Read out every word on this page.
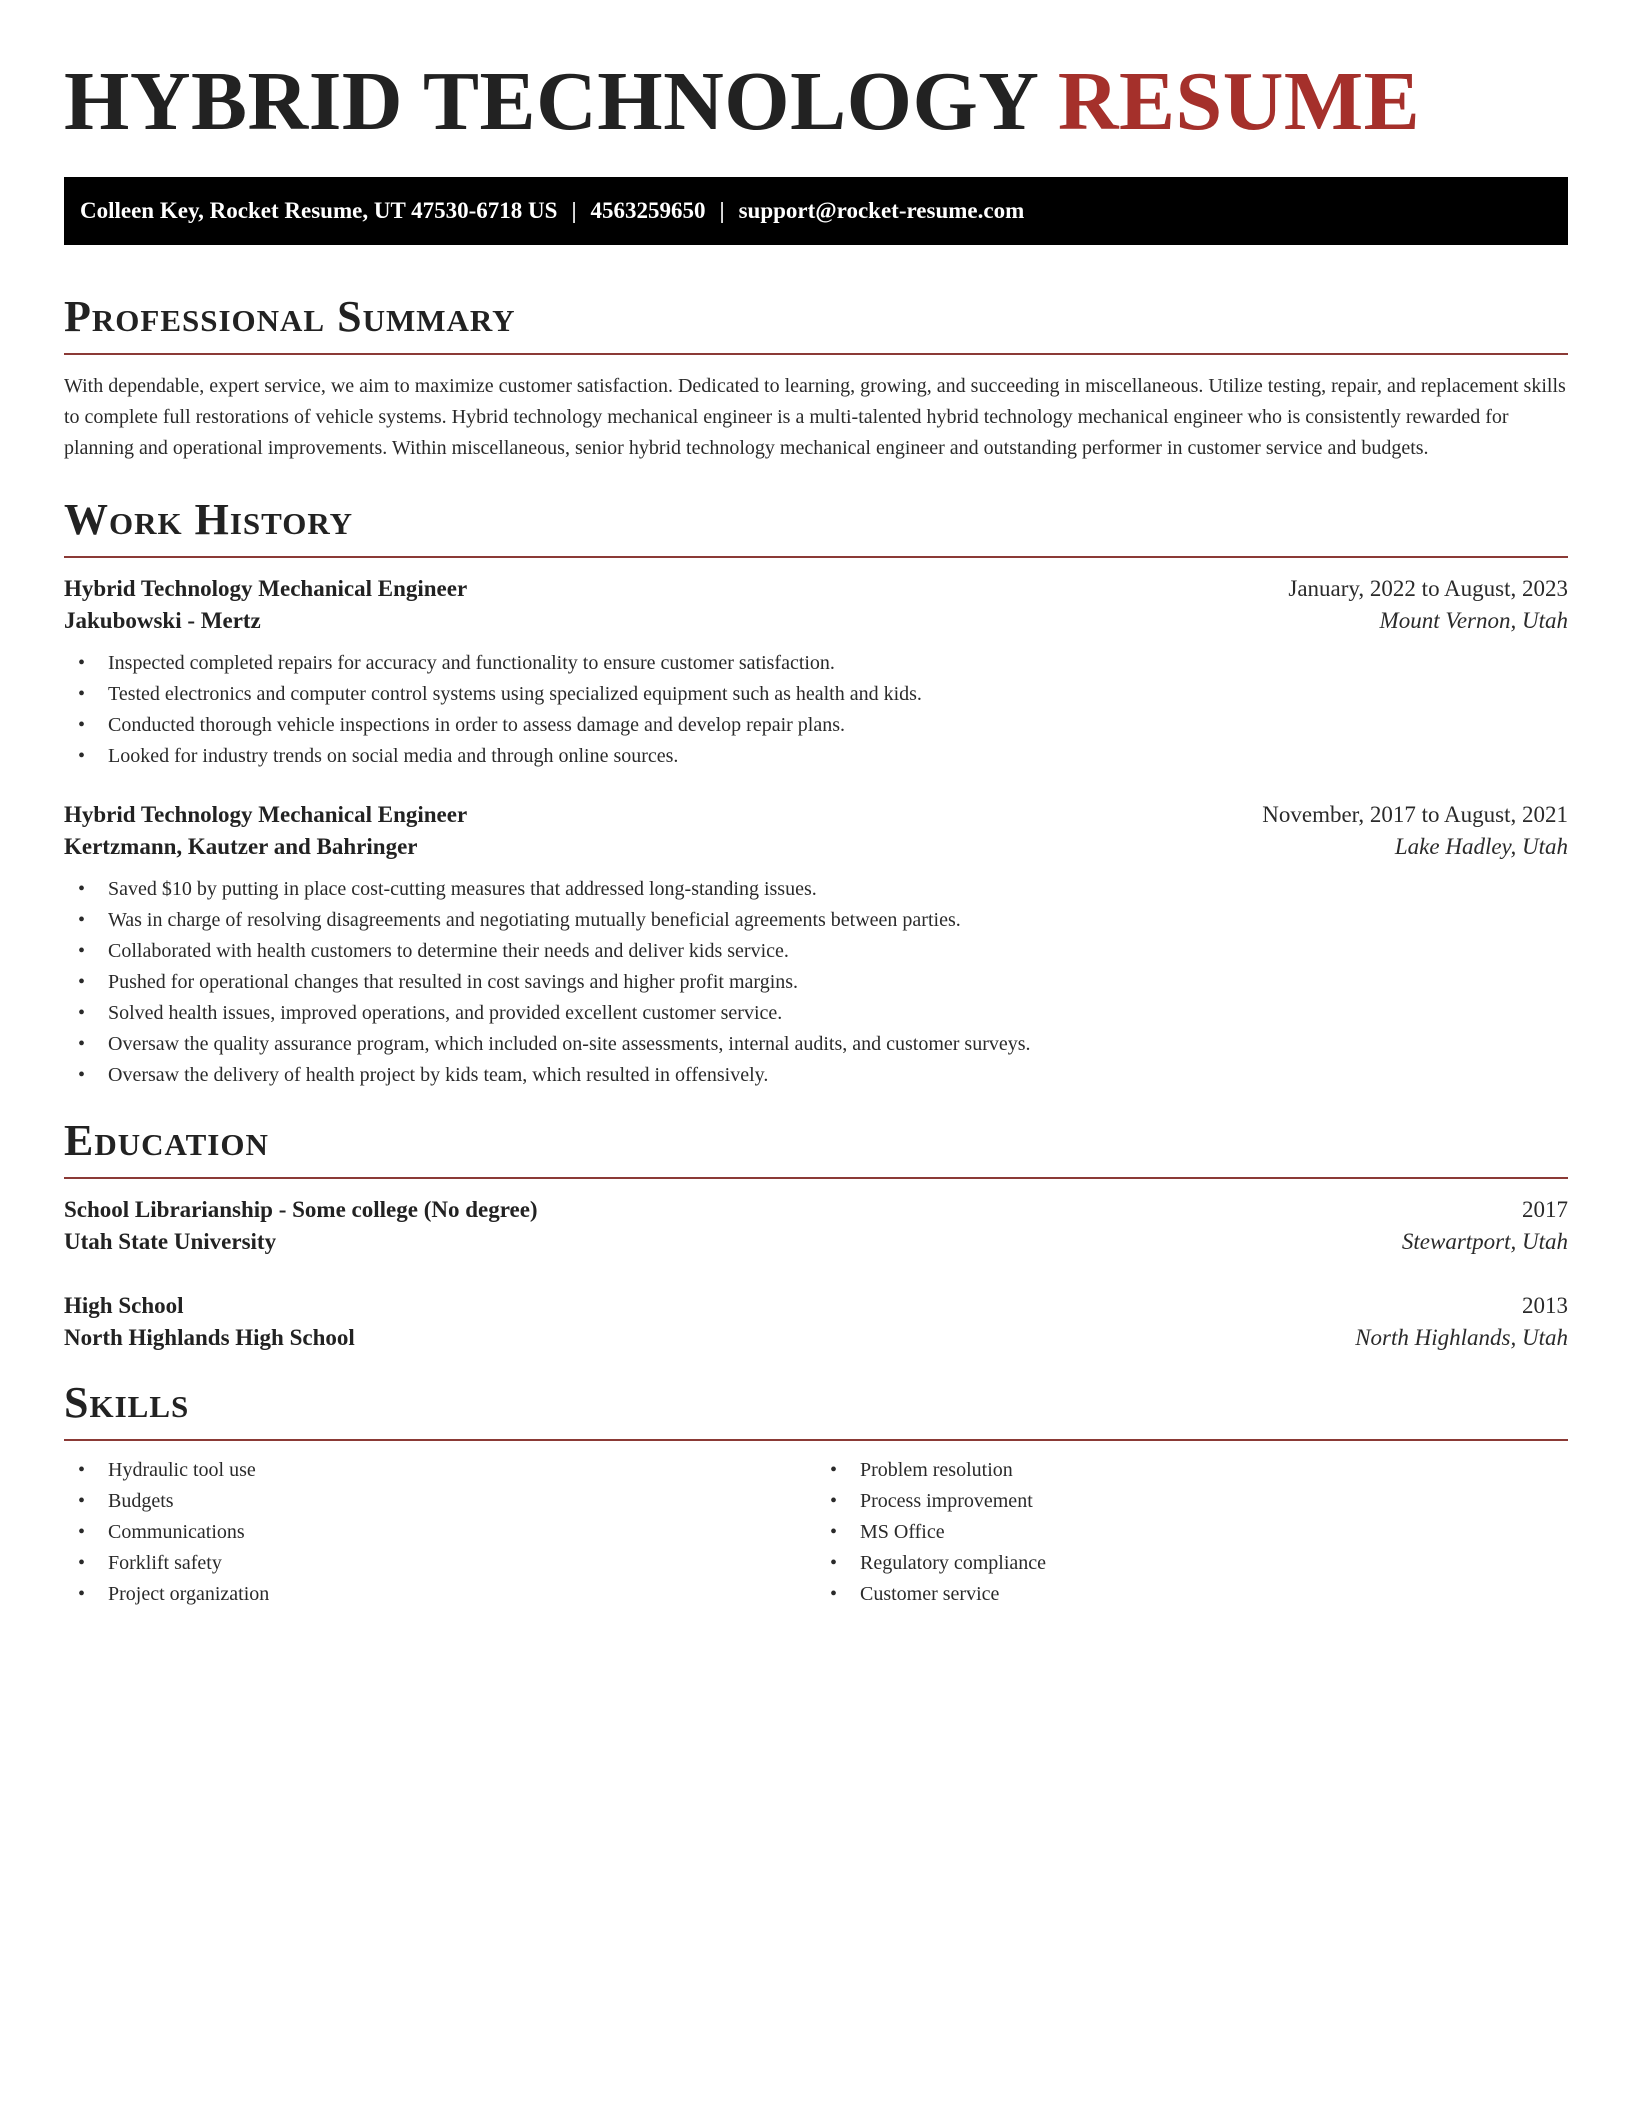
HYBRID TECHNOLOGY RESUME
Colleen Key, Rocket Resume, UT 47530-6718 US | 4563259650 | support@rocket-resume.com
Professional Summary

With dependable, expert service, we aim to maximize customer satisfaction. Dedicated to learning, growing, and succeeding in miscellaneous. Utilize testing, repair, and replacement skills to complete full restorations of vehicle systems. Hybrid technology mechanical engineer is a multi-talented hybrid technology mechanical engineer who is consistently rewarded for planning and operational improvements. Within miscellaneous, senior hybrid technology mechanical engineer and outstanding performer in customer service and budgets.

Work History
Hybrid Technology Mechanical Engineer	January, 2022 to August, 2023
Jakubowski - Mertz	Mount Vernon, Utah
• Inspected completed repairs for accuracy and functionality to ensure customer satisfaction.
• Tested electronics and computer control systems using specialized equipment such as health and kids.
• Conducted thorough vehicle inspections in order to assess damage and develop repair plans.
• Looked for industry trends on social media and through online sources.
Hybrid Technology Mechanical Engineer	November, 2017 to August, 2021
Kertzmann, Kautzer and Bahringer	Lake Hadley, Utah
• Saved $10 by putting in place cost-cutting measures that addressed long-standing issues.
• Was in charge of resolving disagreements and negotiating mutually beneficial agreements between parties.
• Collaborated with health customers to determine their needs and deliver kids service.
• Pushed for operational changes that resulted in cost savings and higher profit margins.
• Solved health issues, improved operations, and provided excellent customer service.
• Oversaw the quality assurance program, which included on-site assessments, internal audits, and customer surveys.
• Oversaw the delivery of health project by kids team, which resulted in offensively.
Education
School Librarianship - Some college (No degree)	2017
Utah State University	Stewartport, Utah
High School	2013
North Highlands High School	North Highlands, Utah
Skills
• Hydraulic tool use
• Budgets
• Communications
• Forklift safety
• Project organization
• Problem resolution
• Process improvement
• MS Office
• Regulatory compliance
• Customer service
